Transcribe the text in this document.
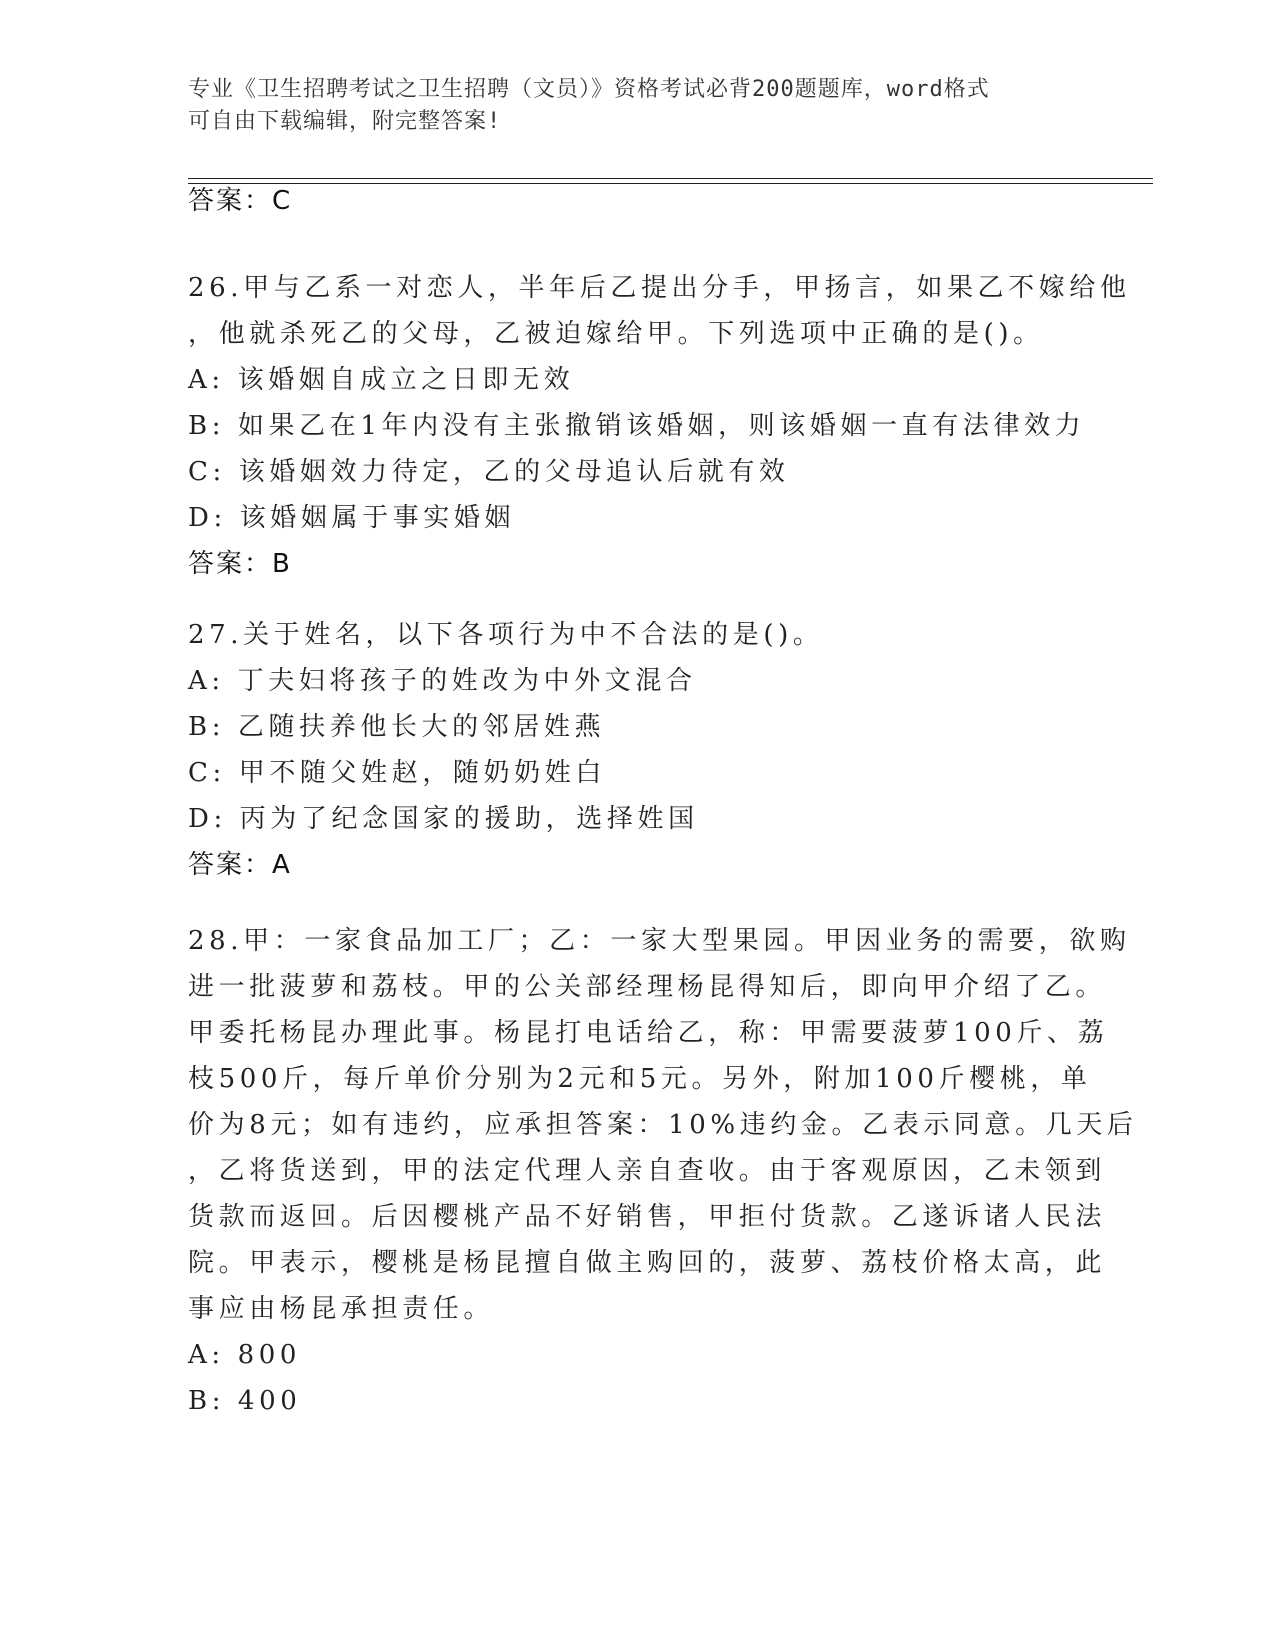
专业《卫生招聘考试之卫生招聘（文员）》资格考试必背200题题库，word格式
可自由下载编辑，附完整答案!
答案：C
26.甲与乙系一对恋人，半年后乙提出分手，甲扬言，如果乙不嫁给他
，他就杀死乙的父母，乙被迫嫁给甲。下列选项中正确的是()。
A: 该婚姻自成立之日即无效
B: 如果乙在1年内没有主张撤销该婚姻，则该婚姻一直有法律效力
C: 该婚姻效力待定，乙的父母追认后就有效
D: 该婚姻属于事实婚姻
答案：B
27.关于姓名，以下各项行为中不合法的是()。
A: 丁夫妇将孩子的姓改为中外文混合
B: 乙随扶养他长大的邻居姓燕
C: 甲不随父姓赵，随奶奶姓白
D: 丙为了纪念国家的援助，选择姓国
答案：A
28.甲：一家食品加工厂；乙：一家大型果园。甲因业务的需要，欲购
进一批菠萝和荔枝。甲的公关部经理杨昆得知后，即向甲介绍了乙。
甲委托杨昆办理此事。杨昆打电话给乙，称：甲需要菠萝100斤、荔
枝500斤，每斤单价分别为2元和5元。另外，附加100斤樱桃，单
价为8元；如有违约，应承担答案：10%违约金。乙表示同意。几天后
，乙将货送到，甲的法定代理人亲自查收。由于客观原因，乙未领到
货款而返回。后因樱桃产品不好销售，甲拒付货款。乙遂诉诸人民法
院。甲表示，樱桃是杨昆擅自做主购回的，菠萝、荔枝价格太高，此
事应由杨昆承担责任。
A: 800
B: 400
